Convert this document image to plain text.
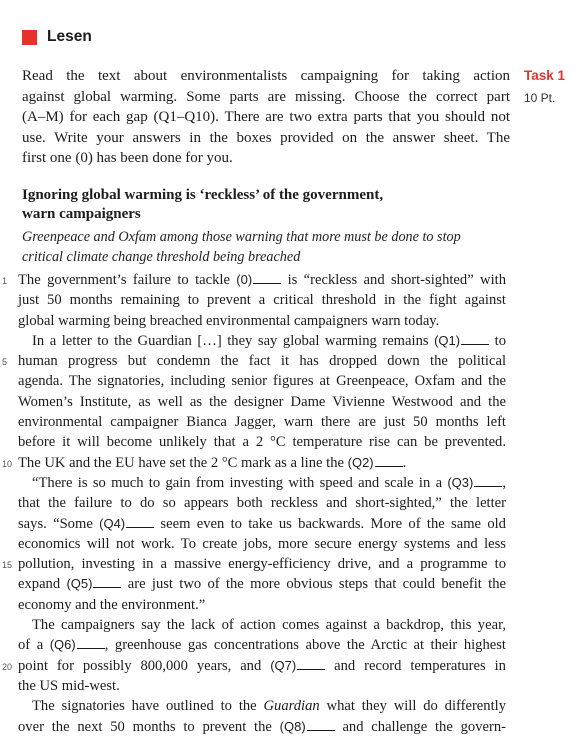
Lesen
Read the text about environmentalists campaigning for taking action
against global warming. Some parts are missing. Choose the correct part
(A–M) for each gap (Q1–Q10). There are two extra parts that you should not
use. Write your answers in the boxes provided on the answer sheet. The
first one (0) has been done for you.
Task 1
10 Pt.
Ignoring global warming is ‘reckless’ of the government,
warn campaigners
Greenpeace and Oxfam among those warning that more must be done to stop
critical climate change threshold being breached
1 The government’s failure to tackle (0) is “reckless and short-sighted” with
just 50 months remaining to prevent a critical threshold in the fight against
global warming being breached environmental campaigners warn today.
In a letter to the Guardian […] they say global warming remains (Q1) to
5 human progress but condemn the fact it has dropped down the political
agenda. The signatories, including senior figures at Greenpeace, Oxfam and the
Women’s Institute, as well as the designer Dame Vivienne Westwood and the
environmental campaigner Bianca Jagger, warn there are just 50 months left
before it will become unlikely that a 2 °C temperature rise can be prevented.
10 The UK and the EU have set the 2 °C mark as a line the (Q2) .
“There is so much to gain from investing with speed and scale in a (Q3) ,
that the failure to do so appears both reckless and short-sighted,” the letter
says. “Some (Q4) seem even to take us backwards. More of the same old
economics will not work. To create jobs, more secure energy systems and less
15 pollution, investing in a massive energy-efficiency drive, and a programme to
expand (Q5) are just two of the more obvious steps that could benefit the
economy and the environment.”
The campaigners say the lack of action comes against a backdrop, this year,
of a (Q6) , greenhouse gas concentrations above the Arctic at their highest
20 point for possibly 800,000 years, and (Q7) and record temperatures in
the US mid-west.
The signatories have outlined to the Guardian what they will do differently
over the next 50 months to prevent the (Q8) and challenge the govern-
